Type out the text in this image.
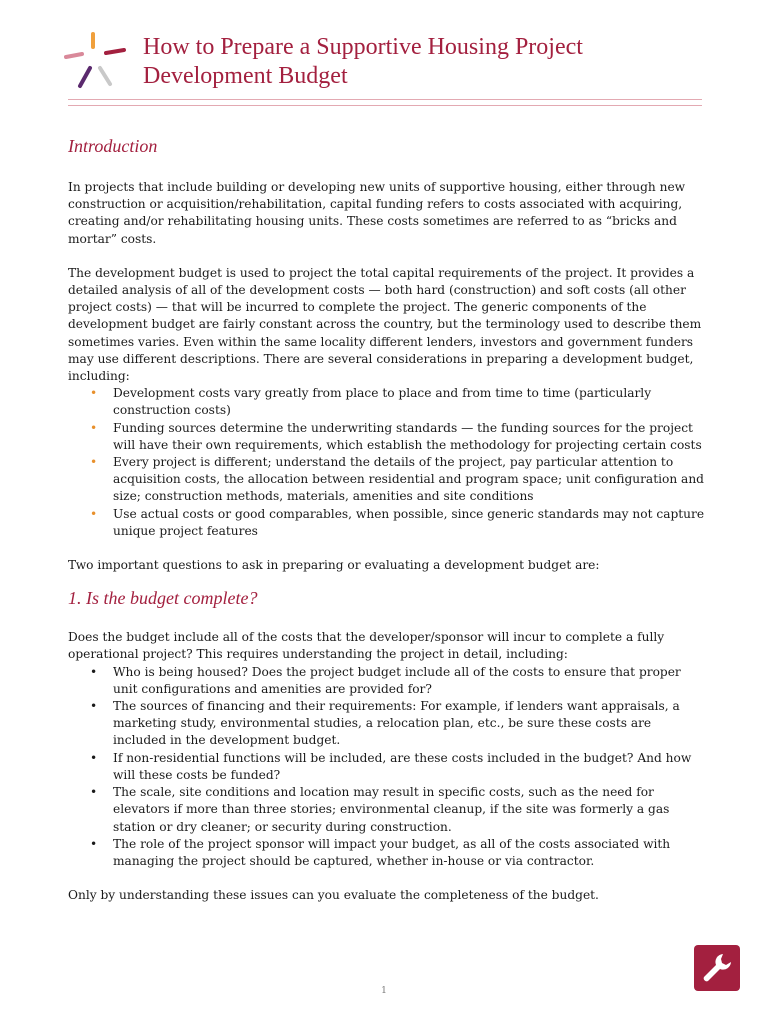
How to Prepare a Supportive Housing Project
Development Budget
Introduction

In projects that include building or developing new units of supportive housing, either through new construction or acquisition/rehabilitation, capital funding refers to costs associated with acquiring, creating and/or rehabilitating housing units. These costs sometimes are referred to as “bricks and mortar” costs.

The development budget is used to project the total capital requirements of the project. It provides a detailed analysis of all of the development costs — both hard (construction) and soft costs (all other project costs) — that will be incurred to complete the project. The generic components of the development budget are fairly constant across the country, but the terminology used to describe them sometimes varies. Even within the same locality different lenders, investors and government funders may use different descriptions. There are several considerations in preparing a development budget, including:

• Development costs vary greatly from place to place and from time to time (particularly construction costs)
• Funding sources determine the underwriting standards — the funding sources for the project will have their own requirements, which establish the methodology for projecting certain costs
• Every project is different; understand the details of the project, pay particular attention to acquisition costs, the allocation between residential and program space; unit configuration and size; construction methods, materials, amenities and site conditions
• Use actual costs or good comparables, when possible, since generic standards may not capture unique project features

Two important questions to ask in preparing or evaluating a development budget are:

1. Is the budget complete?

Does the budget include all of the costs that the developer/sponsor will incur to complete a fully operational project? This requires understanding the project in detail, including:

• Who is being housed? Does the project budget include all of the costs to ensure that proper unit configurations and amenities are provided for?
• The sources of financing and their requirements: For example, if lenders want appraisals, a marketing study, environmental studies, a relocation plan, etc., be sure these costs are included in the development budget.
• If non-residential functions will be included, are these costs included in the budget? And how will these costs be funded?
• The scale, site conditions and location may result in specific costs, such as the need for elevators if more than three stories; environmental cleanup, if the site was formerly a gas station or dry cleaner; or security during construction.
• The role of the project sponsor will impact your budget, as all of the costs associated with managing the project should be captured, whether in-house or via contractor.

Only by understanding these issues can you evaluate the completeness of the budget.

1
